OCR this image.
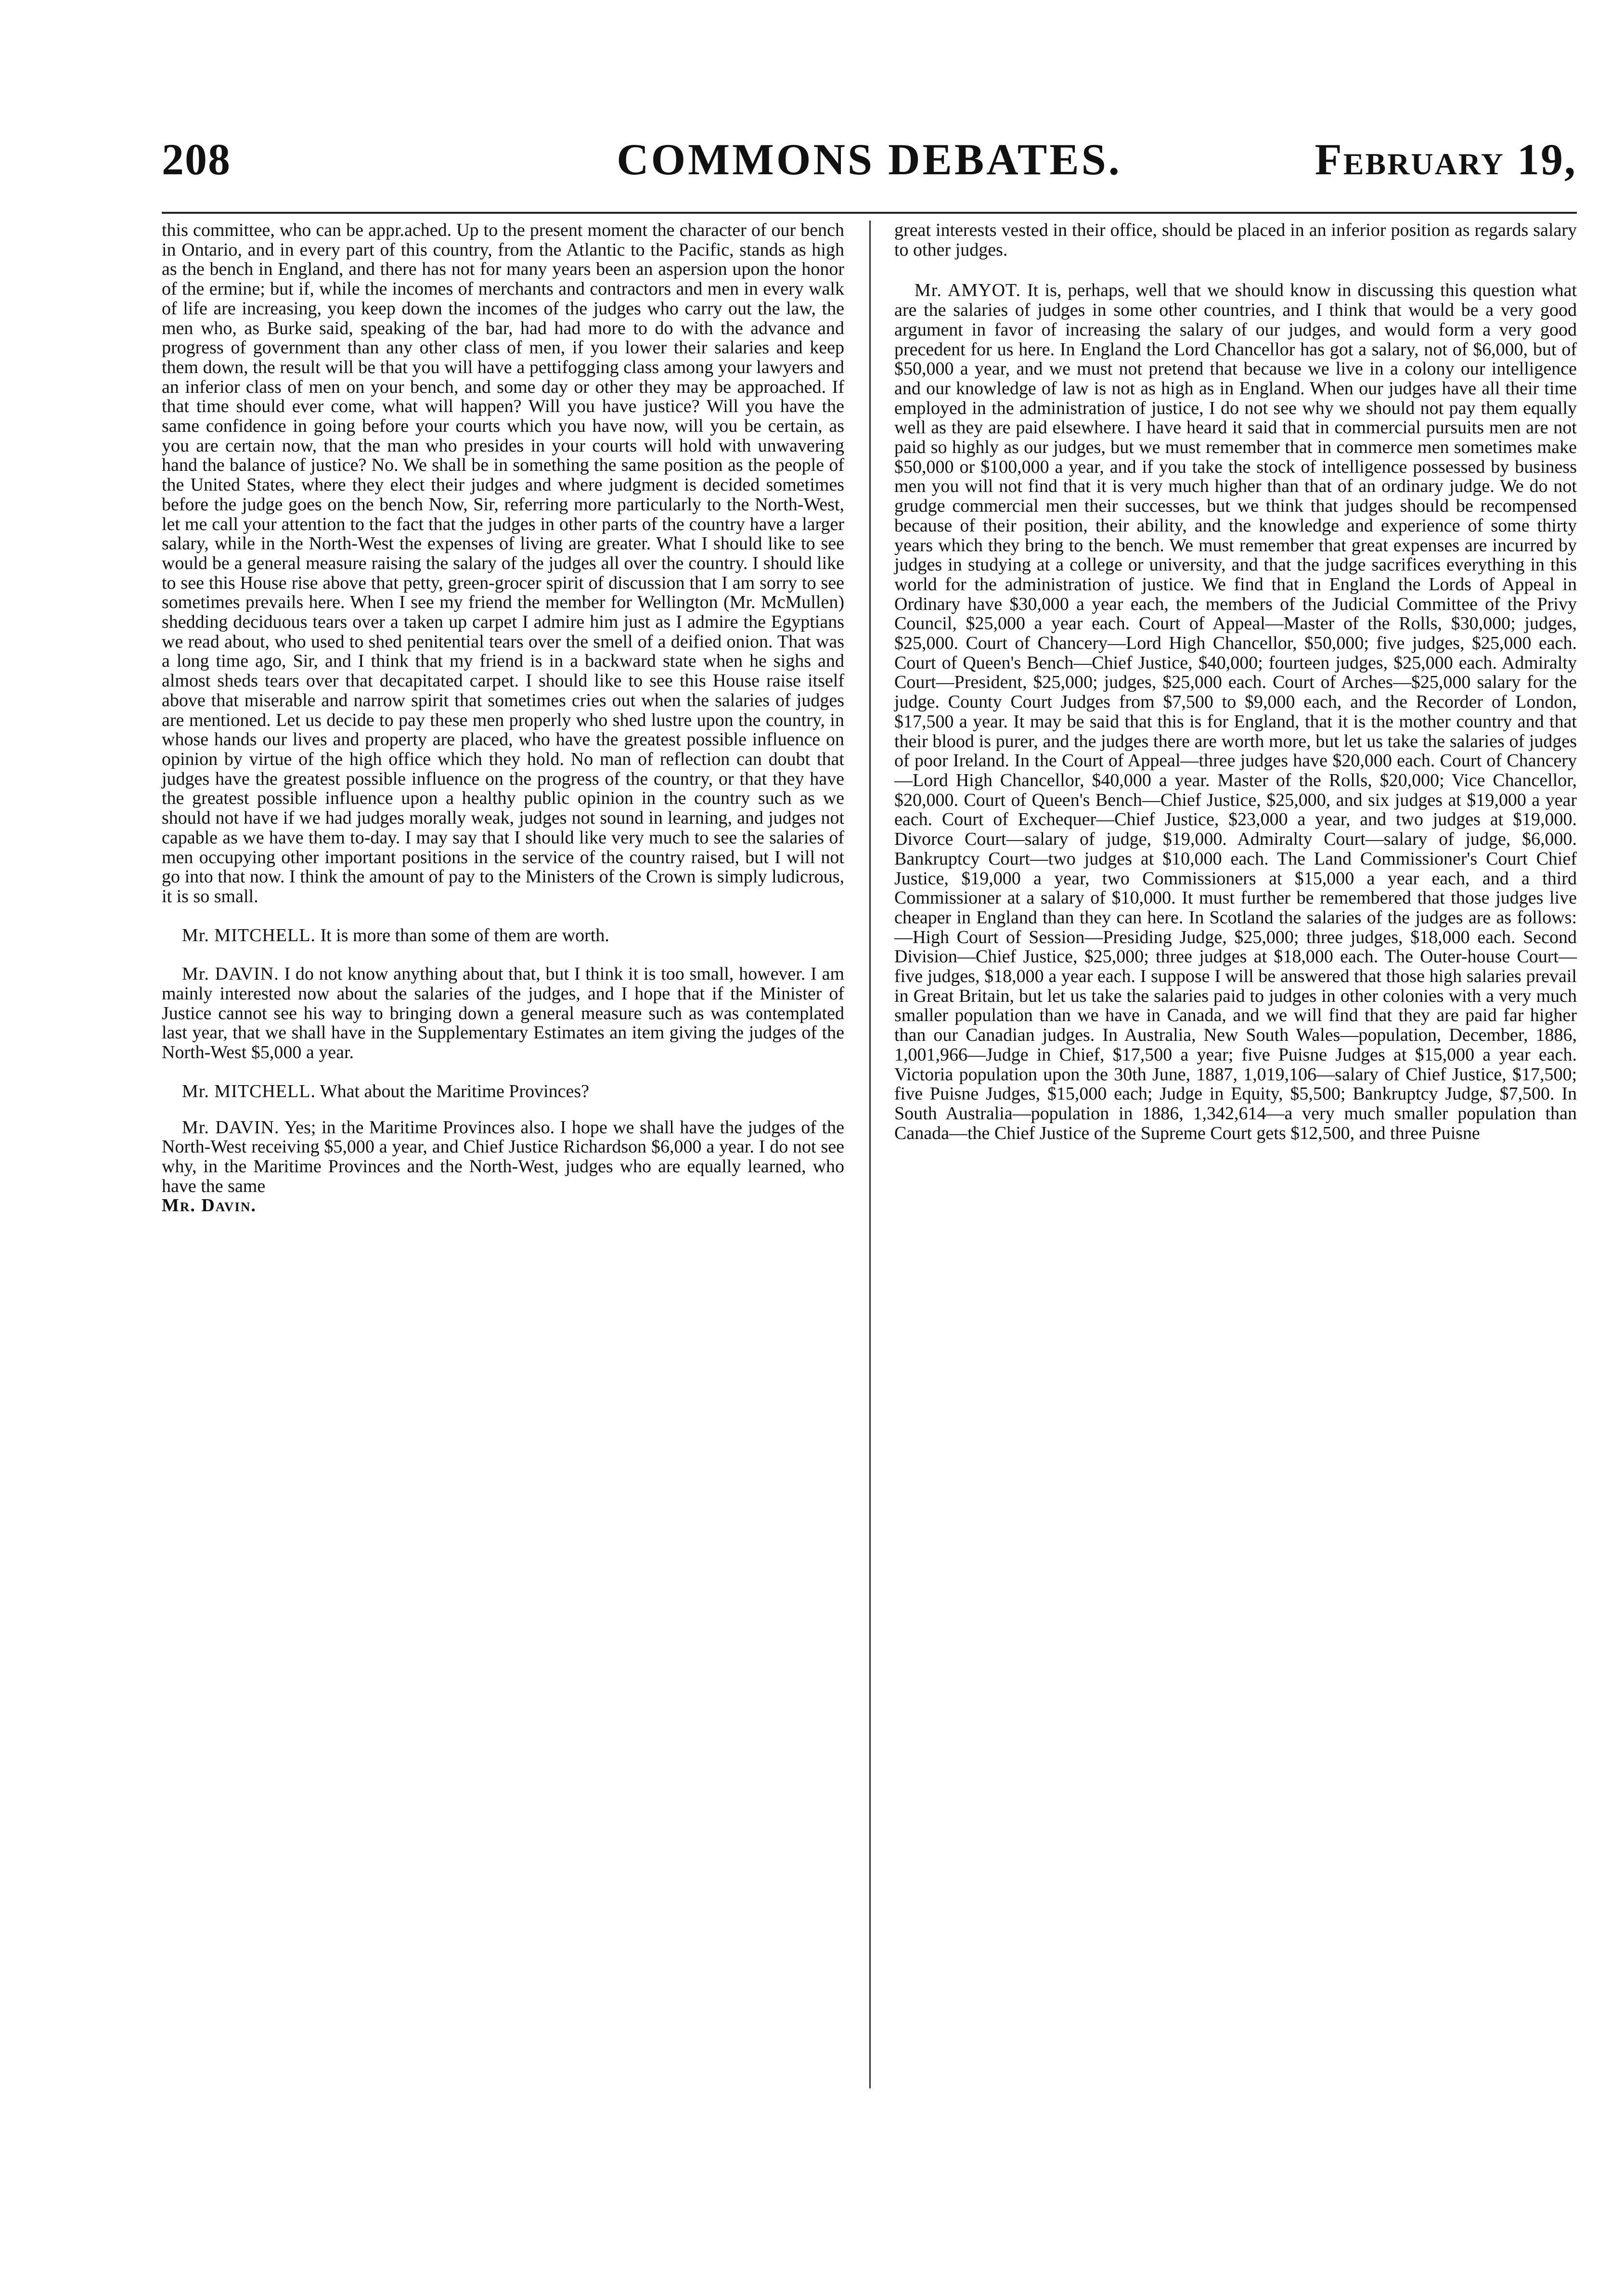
208	COMMONS DEBATES.	February 19,

this committee, who can be appr.ached. Up to the present moment the character of our bench in Ontario, and in every part of this country, from the Atlantic to the Pacific, stands as high as the bench in England, and there has not for many years been an aspersion upon the honor of the ermine; but if, while the incomes of merchants and contractors and men in every walk of life are increasing, you keep down the incomes of the judges who carry out the law, the men who, as Burke said, speaking of the bar, had had more to do with the advance and progress of government than any other class of men, if you lower their salaries and keep them down, the result will be that you will have a pettifogging class among your lawyers and an inferior class of men on your bench, and some day or other they may be approached. If that time should ever come, what will happen? Will you have justice? Will you have the same confidence in going before your courts which you have now, will you be certain, as you are certain now, that the man who presides in your courts will hold with unwavering hand the balance of justice? No. We shall be in something the same position as the people of the United States, where they elect their judges and where judgment is decided sometimes before the judge goes on the bench Now, Sir, referring more particularly to the North-West, let me call your attention to the fact that the judges in other parts of the country have a larger salary, while in the North-West the expenses of living are greater. What I should like to see would be a general measure raising the salary of the judges all over the country. I should like to see this House rise above that petty, green-grocer spirit of discussion that I am sorry to see sometimes prevails here. When I see my friend the member for Wellington (Mr. McMullen) shedding deciduous tears over a taken up carpet I admire him just as I admire the Egyptians we read about, who used to shed penitential tears over the smell of a deified onion. That was a long time ago, Sir, and I think that my friend is in a backward state when he sighs and almost sheds tears over that decapitated carpet. I should like to see this House raise itself above that miserable and narrow spirit that sometimes cries out when the salaries of judges are mentioned. Let us decide to pay these men properly who shed lustre upon the country, in whose hands our lives and property are placed, who have the greatest possible influence on opinion by virtue of the high office which they hold. No man of reflection can doubt that judges have the greatest possible influence on the progress of the country, or that they have the greatest possible influence upon a healthy public opinion in the country such as we should not have if we had judges morally weak, judges not sound in learning, and judges not capable as we have them to-day. I may say that I should like very much to see the salaries of men occupying other important positions in the service of the country raised, but I will not go into that now. I think the amount of pay to the Ministers of the Crown is simply ludicrous, it is so small.

Mr. MITCHELL. It is more than some of them are worth.

Mr. DAVIN. I do not know anything about that, but I think it is too small, however. I am mainly interested now about the salaries of the judges, and I hope that if the Minister of Justice cannot see his way to bringing down a general measure such as was contemplated last year, that we shall have in the Supplementary Estimates an item giving the judges of the North-West $5,000 a year.

Mr. MITCHELL. What about the Maritime Provinces?

Mr. DAVIN. Yes; in the Maritime Provinces also. I hope we shall have the judges of the North-West receiving $5,000 a year, and Chief Justice Richardson $6,000 a year. I do not see why, in the Maritime Provinces and the North-West, judges who are equally learned, who have the same

Mr. Davin.

great interests vested in their office, should be placed in an inferior position as regards salary to other judges.

Mr. AMYOT. It is, perhaps, well that we should know in discussing this question what are the salaries of judges in some other countries, and I think that would be a very good argument in favor of increasing the salary of our judges, and would form a very good precedent for us here. In England the Lord Chancellor has got a salary, not of $6,000, but of $50,000 a year, and we must not pretend that because we live in a colony our intelligence and our knowledge of law is not as high as in England. When our judges have all their time employed in the administration of justice, I do not see why we should not pay them equally well as they are paid elsewhere. I have heard it said that in commercial pursuits men are not paid so highly as our judges, but we must remember that in commerce men sometimes make $50,000 or $100,000 a year, and if you take the stock of intelligence possessed by business men you will not find that it is very much higher than that of an ordinary judge. We do not grudge commercial men their successes, but we think that judges should be recompensed because of their position, their ability, and the knowledge and experience of some thirty years which they bring to the bench. We must remember that great expenses are incurred by judges in studying at a college or university, and that the judge sacrifices everything in this world for the administration of justice. We find that in England the Lords of Appeal in Ordinary have $30,000 a year each, the members of the Judicial Committee of the Privy Council, $25,000 a year each. Court of Appeal—Master of the Rolls, $30,000; judges, $25,000. Court of Chancery—Lord High Chancellor, $50,000; five judges, $25,000 each. Court of Queen's Bench—Chief Justice, $40,000; fourteen judges, $25,000 each. Admiralty Court—President, $25,000; judges, $25,000 each. Court of Arches—$25,000 salary for the judge. County Court Judges from $7,500 to $9,000 each, and the Recorder of London, $17,500 a year. It may be said that this is for England, that it is the mother country and that their blood is purer, and the judges there are worth more, but let us take the salaries of judges of poor Ireland. In the Court of Appeal—three judges have $20,000 each. Court of Chancery—Lord High Chancellor, $40,000 a year. Master of the Rolls, $20,000; Vice Chancellor, $20,000. Court of Queen's Bench—Chief Justice, $25,000, and six judges at $19,000 a year each. Court of Exchequer—Chief Justice, $23,000 a year, and two judges at $19,000. Divorce Court—salary of judge, $19,000. Admiralty Court—salary of judge, $6,000. Bankruptcy Court—two judges at $10,000 each. The Land Commissioner's Court Chief Justice, $19,000 a year, two Commissioners at $15,000 a year each, and a third Commissioner at a salary of $10,000. It must further be remembered that those judges live cheaper in England than they can here. In Scotland the salaries of the judges are as follows:—High Court of Session—Presiding Judge, $25,000; three judges, $18,000 each. Second Division—Chief Justice, $25,000; three judges at $18,000 each. The Outer-house Court—five judges, $18,000 a year each. I suppose I will be answered that those high salaries prevail in Great Britain, but let us take the salaries paid to judges in other colonies with a very much smaller population than we have in Canada, and we will find that they are paid far higher than our Canadian judges. In Australia, New South Wales—population, December, 1886, 1,001,966—Judge in Chief, $17,500 a year; five Puisne Judges at $15,000 a year each. Victoria population upon the 30th June, 1887, 1,019,106—salary of Chief Justice, $17,500; five Puisne Judges, $15,000 each; Judge in Equity, $5,500; Bankruptcy Judge, $7,500. In South Australia—population in 1886, 1,342,614—a very much smaller population than Canada—the Chief Justice of the Supreme Court gets $12,500, and three Puisne
